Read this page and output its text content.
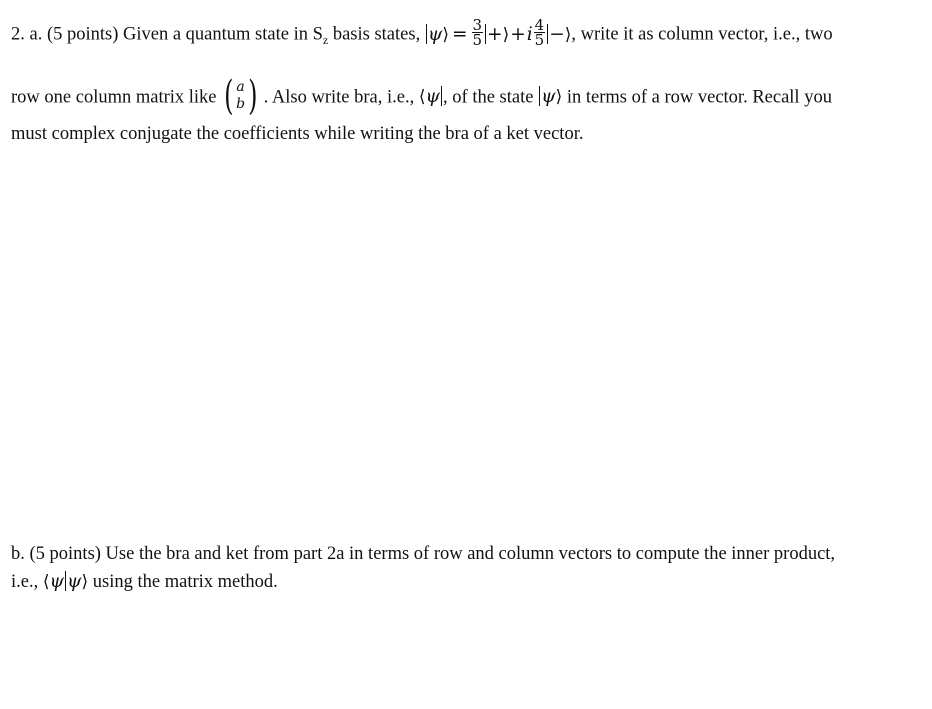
2. a. (5 points) Given a quantum state in $S_z$ basis states, ψ⟩ = $\frac{3}{5}$ +⟩+i $\frac{4}{5}$ −⟩, write it as column vector, i.e., two
row one column matrix like ( a
b ) . Also write bra, i.e., ⟨ψ , of the state ψ⟩ in terms of a row vector. Recall you
must complex conjugate the coefficients while writing the bra of a ket vector.
b. (5 points) Use the bra and ket from part 2a in terms of row and column vectors to compute the inner product,
i.e., ⟨ψ ψ⟩ using the matrix method.
